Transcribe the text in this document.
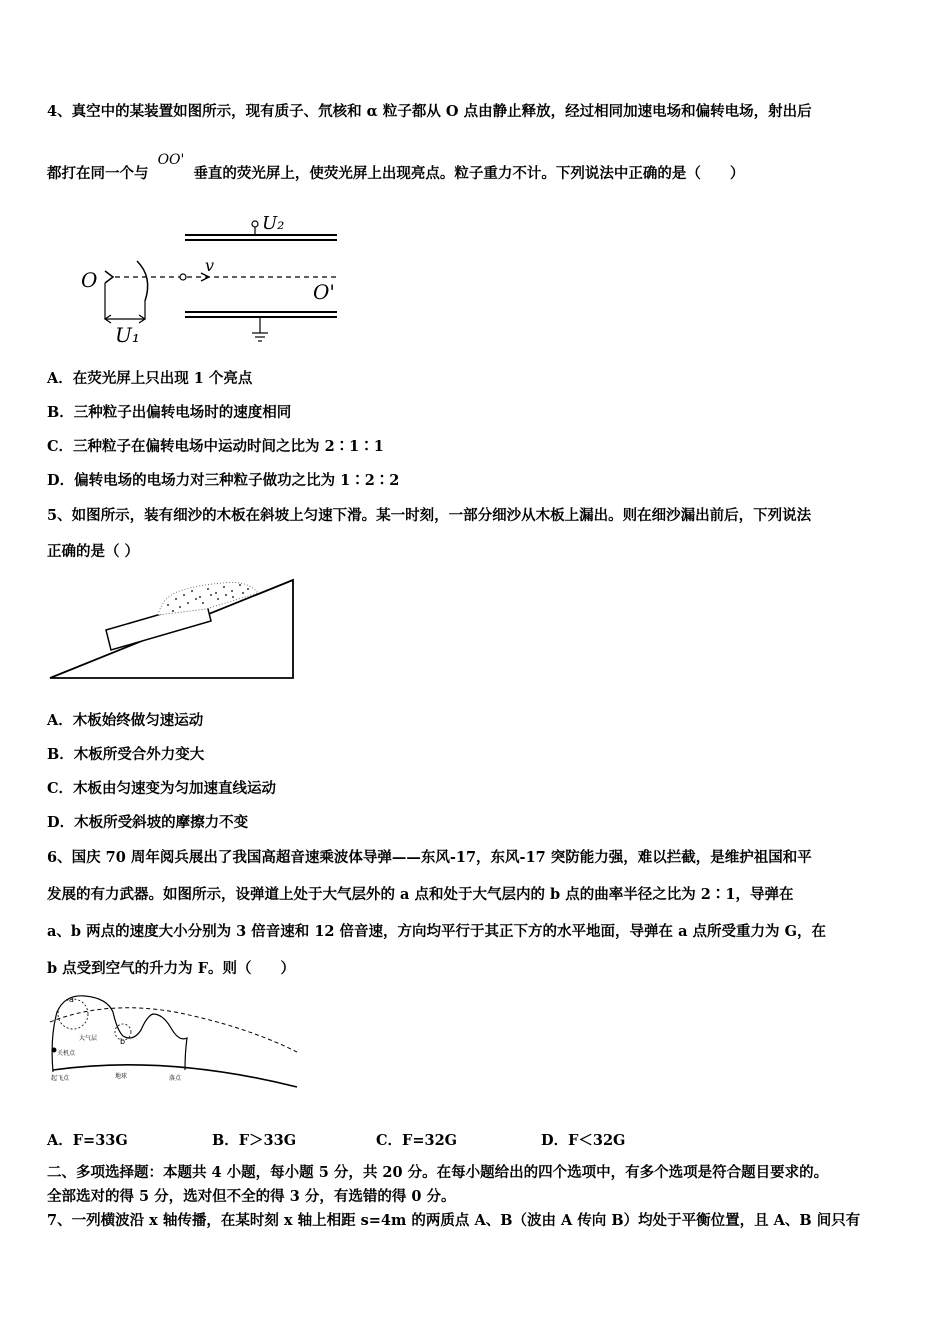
4、真空中的某装置如图所示，现有质子、氘核和 α 粒子都从 O 点由静止释放，经过相同加速电场和偏转电场，射出后
都打在同一个与 OO' 垂直的荧光屏上，使荧光屏上出现亮点。粒子重力不计。下列说法中正确的是（　　）
U₂
O
U₁
v
O'
A．在荧光屏上只出现 1 个亮点
B．三种粒子出偏转电场时的速度相同
C．三种粒子在偏转电场中运动时间之比为 2∶1∶1
D．偏转电场的电场力对三种粒子做功之比为 1∶2∶2
5、如图所示，装有细沙的木板在斜坡上匀速下滑。某一时刻，一部分细沙从木板上漏出。则在细沙漏出前后，下列说法
正确的是（ ）
A．木板始终做匀速运动
B．木板所受合外力变大
C．木板由匀速变为匀加速直线运动
D．木板所受斜坡的摩擦力不变
6、国庆 70 周年阅兵展出了我国高超音速乘波体导弹——东风-17，东风-17 突防能力强，难以拦截，是维护祖国和平
发展的有力武器。如图所示，设弹道上处于大气层外的 a 点和处于大气层内的 b 点的曲率半径之比为 2∶1，导弹在
a、b 两点的速度大小分别为 3 倍音速和 12 倍音速，方向均平行于其正下方的水平地面，导弹在 a 点所受重力为 G，在
b 点受到空气的升力为 F。则（　　）
a
b
大气层
关机点
起飞点	地球	落点
A．F=33G	B．F＞33G	C．F=32G	D．F＜32G
二、多项选择题：本题共 4 小题，每小题 5 分，共 20 分。在每小题给出的四个选项中，有多个选项是符合题目要求的。
全部选对的得 5 分，选对但不全的得 3 分，有选错的得 0 分。
7、一列横波沿 x 轴传播，在某时刻 x 轴上相距 s=4m 的两质点 A、B（波由 A 传向 B）均处于平衡位置，且 A、B 间只有
